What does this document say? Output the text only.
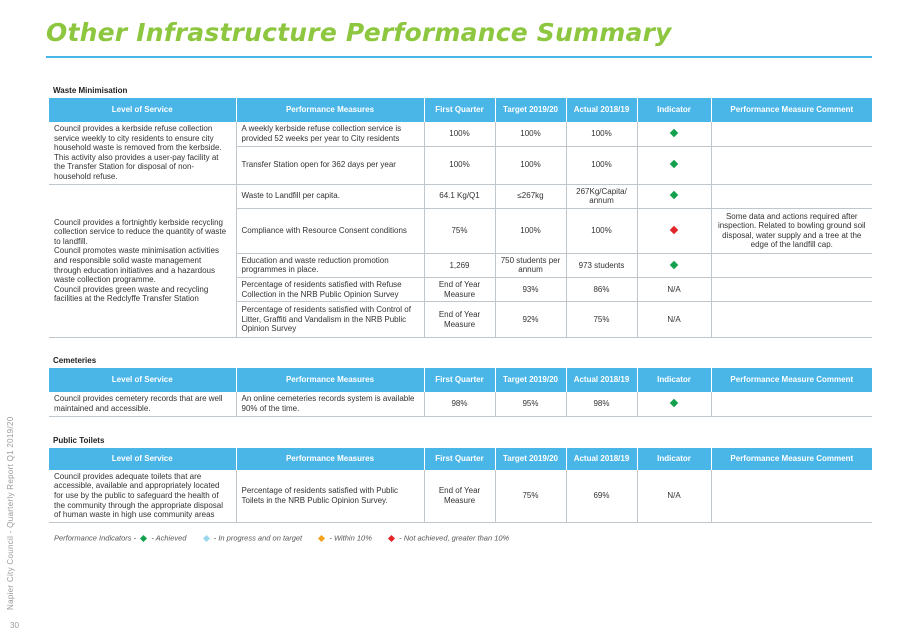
Other Infrastructure Performance Summary
Napier City Council - Quarterly Report Q1 2019/20
30
Waste Minimisation						
Level of Service	Performance Measures	First Quarter	Target 2019/20	Actual 2018/19	Indicator	Performance Measure Comment
Council provides a kerbside refuse collection service weekly to city residents to ensure city household waste is removed from the kerbside. This activity also provides a user-pay facility at the Transfer Station for disposal of non-household refuse.	A weekly kerbside refuse collection service is provided 52 weeks per year to City residents	100%	100%	100%		
	Transfer Station open for 362 days per year	100%	100%	100%		
Council provides a fortnightly kerbside recycling collection service to reduce the quantity of waste to landfill.
Council promotes waste minimisation activities and responsible solid waste management through education initiatives and a hazardous waste collection programme.
Council provides green waste and recycling facilities at the Redclyffe Transfer Station	Waste to Landfill per capita.	64.1 Kg/Q1	≤267kg	267Kg/Capita/ annum		
	Compliance with Resource Consent conditions	75%	100%	100%		Some data and actions required after inspection. Related to bowling ground soil disposal, water supply and a tree at the edge of the landfill cap.
	Education and waste reduction promotion programmes in place.	1,269	750 students per annum	973 students		
	Percentage of residents satisfied with Refuse Collection in the NRB Public Opinion Survey	End of Year Measure	93%	86%	N/A	
	Percentage of residents satisfied with Control of Litter, Graffiti and Vandalism in the NRB Public Opinion Survey	End of Year Measure	92%	75%	N/A	
Cemeteries						
Level of Service	Performance Measures	First Quarter	Target 2019/20	Actual 2018/19	Indicator	Performance Measure Comment
Council provides cemetery records that are well maintained and accessible.	An online cemeteries records system is available 90% of the time.	98%	95%	98%		
Public Toilets						
Level of Service	Performance Measures	First Quarter	Target 2019/20	Actual 2018/19	Indicator	Performance Measure Comment
Council provides adequate toilets that are accessible, available and appropriately located for use by the public to safeguard the health of the community through the appropriate disposal of human waste in high use community areas	Percentage of residents satisfied with Public Toilets in the NRB Public Opinion Survey.	End of Year Measure	75%	69%	N/A	
Performance Indicators - - Achieved	- In progress and on target	- Within 10%	- Not achieved, greater than 10%
